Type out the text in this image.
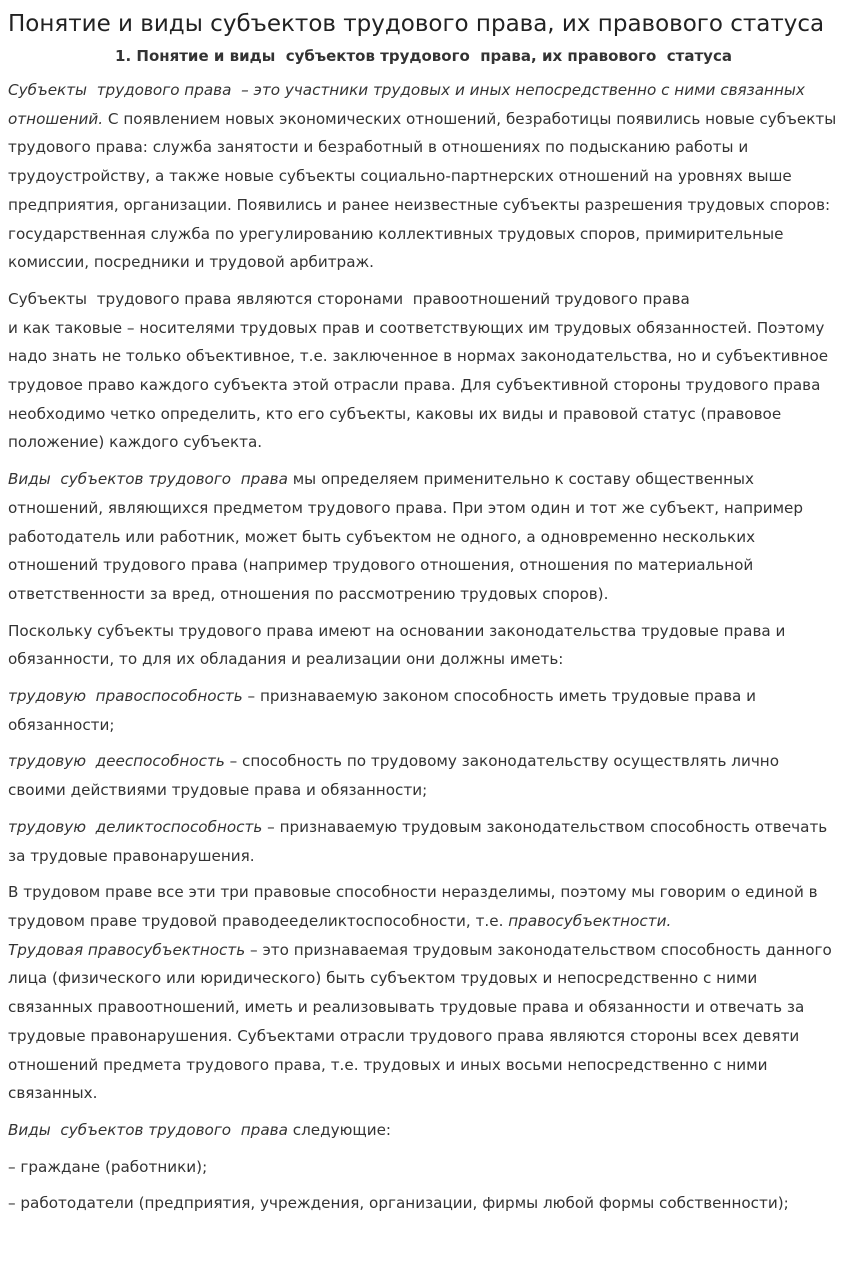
Понятие и виды субъектов трудового права, их правового статуса
1. Понятие и виды  субъектов трудового  права, их правового  статуса

Субъекты  трудового права  – это участники трудовых и иных непосредственно с ними связанных отношений. С появлением новых экономических отношений, безработицы появились новые субъекты трудового права: служба занятости и безработный в отношениях по подысканию работы и трудоустройству, а также новые субъекты социально-партнерских отношений на уровнях выше предприятия, организации. Появились и ранее неизвестные субъекты разрешения трудовых споров: государственная служба по урегулированию коллективных трудовых споров, примирительные комиссии, посредники и трудовой арбитраж.

Субъекты  трудового права являются сторонами  правоотношений трудового права
и как таковые – носителями трудовых прав и соответствующих им трудовых обязанностей. Поэтому надо знать не только объективное, т.е. заключенное в нормах законодательства, но и субъективное трудовое право каждого субъекта этой отрасли права. Для субъективной стороны трудового права необходимо четко определить, кто его субъекты, каковы их виды и правовой статус (правовое положение) каждого субъекта.

Виды  субъектов трудового  права мы определяем применительно к составу общественных отношений, являющихся предметом трудового права. При этом один и тот же субъект, например работодатель или работник, может быть субъектом не одного, а одновременно нескольких отношений трудового права (например трудового отношения, отношения по материальной ответственности за вред, отношения по рассмотрению трудовых споров).

Поскольку субъекты трудового права имеют на основании законодательства трудовые права и обязанности, то для их обладания и реализации они должны иметь:

трудовую  правоспособность – признаваемую законом способность иметь трудовые права и обязанности;

трудовую  дееспособность – способность по трудовому законодательству осуществлять лично своими действиями трудовые права и обязанности;

трудовую  деликтоспособность – признаваемую трудовым законодательством способность отвечать за трудовые правонарушения.

В трудовом праве все эти три правовые способности неразделимы, поэтому мы говорим о единой в трудовом праве трудовой праводееделиктоспособности, т.е. правосубъектности.
Трудовая правосубъектность – это признаваемая трудовым законодательством способность данного лица (физического или юридического) быть субъектом трудовых и непосредственно с ними связанных правоотношений, иметь и реализовывать трудовые права и обязанности и отвечать за трудовые правонарушения. Субъектами отрасли трудового права являются стороны всех девяти отношений предмета трудового права, т.е. трудовых и иных восьми непосредственно с ними связанных.

Виды  субъектов трудового  права следующие:

– граждане (работники);

– работодатели (предприятия, учреждения, организации, фирмы любой формы собственности);
